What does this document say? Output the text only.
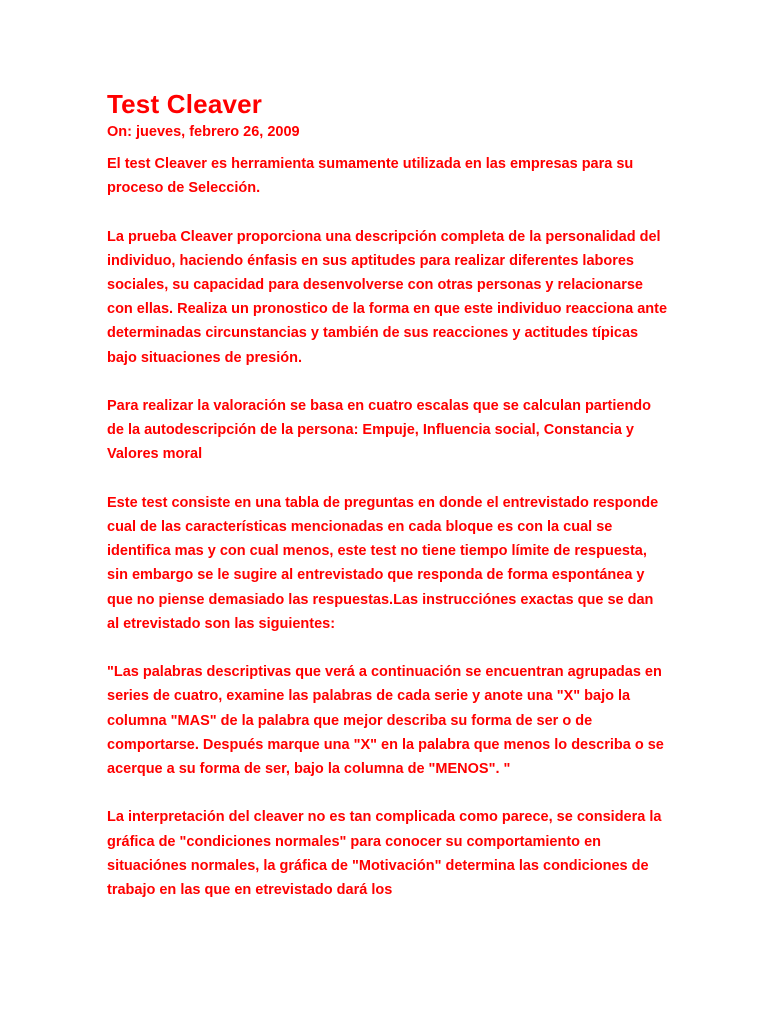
Test Cleaver
On: jueves, febrero 26, 2009

El test Cleaver es herramienta sumamente utilizada en las empresas para su proceso de Selección.

La prueba Cleaver proporciona una descripción completa de la personalidad del individuo, haciendo énfasis en sus aptitudes para realizar diferentes labores sociales, su capacidad para desenvolverse con otras personas y relacionarse con ellas. Realiza un pronostico de la forma en que este individuo reacciona ante determinadas circunstancias y también de sus reacciones y actitudes típicas bajo situaciones de presión.

Para realizar la valoración se basa en cuatro escalas que se calculan partiendo de la autodescripción de la persona: Empuje, Influencia social, Constancia y Valores moral

Este test consiste en una tabla de preguntas en donde el entrevistado responde cual de las características mencionadas en cada bloque es con la cual se identifica mas y con cual menos, este test no tiene tiempo límite de respuesta, sin embargo se le sugire al entrevistado que responda de forma espontánea y que no piense demasiado las respuestas.Las instrucciónes exactas que se dan al etrevistado son las siguientes:

"Las palabras descriptivas que verá a continuación se encuentran agrupadas en series de cuatro, examine las palabras de cada serie y anote una "X" bajo la columna "MAS" de la palabra que mejor describa su forma de ser o de comportarse. Después marque una "X" en la palabra que menos lo describa o se acerque a su forma de ser, bajo la columna de "MENOS". "

La interpretación del cleaver no es tan complicada como parece, se considera la gráfica de "condiciones normales" para conocer su comportamiento en situaciónes normales, la gráfica de "Motivación" determina las condiciones de trabajo en las que en etrevistado dará los
